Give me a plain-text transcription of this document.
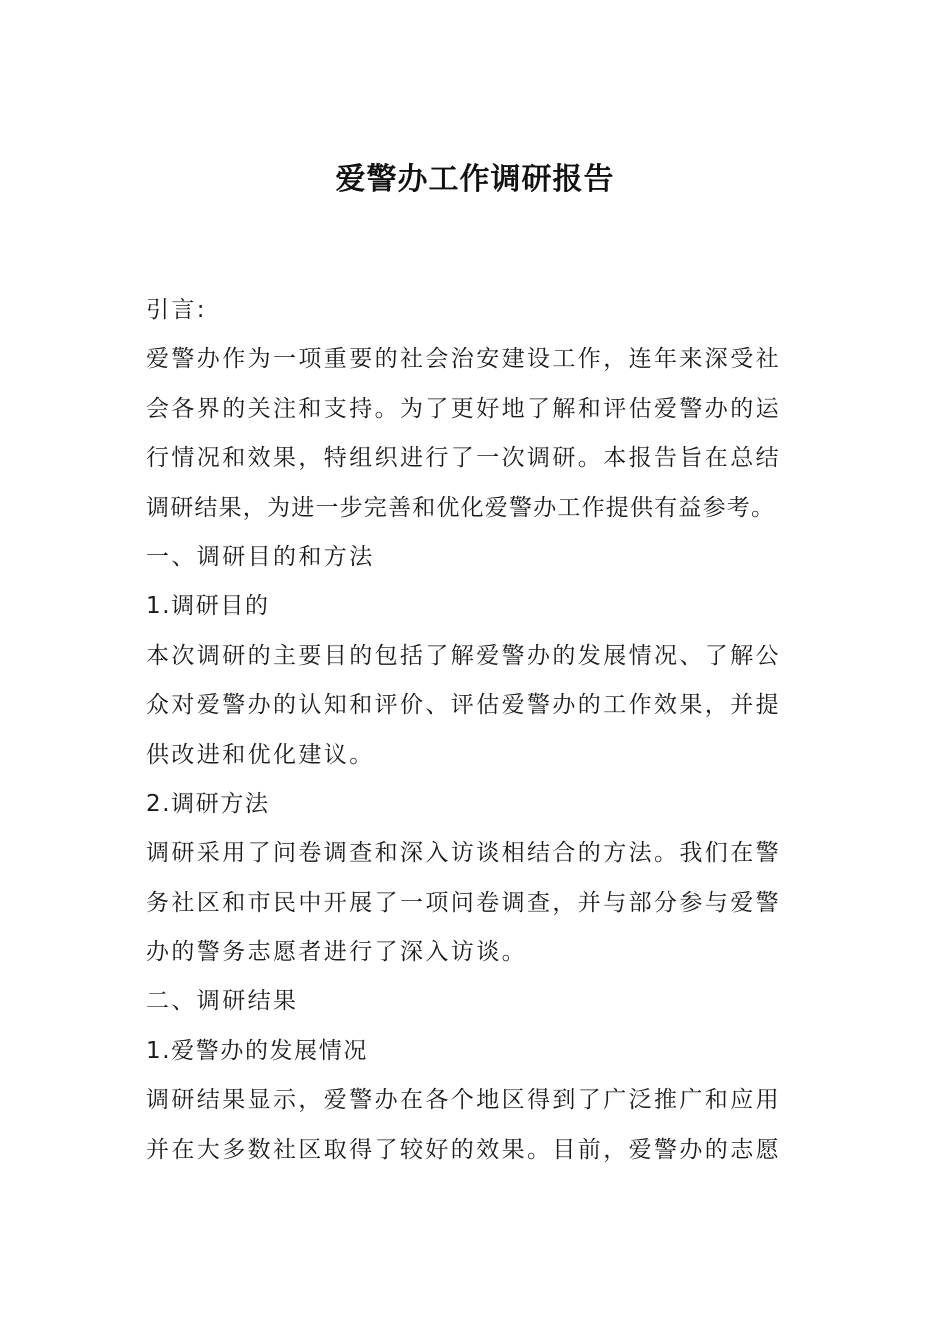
爱警办工作调研报告
引言:
爱警办作为一项重要的社会治安建设工作，连年来深受社
会各界的关注和支持。为了更好地了解和评估爱警办的运
行情况和效果，特组织进行了一次调研。本报告旨在总结
调研结果，为进一步完善和优化爱警办工作提供有益参考。
一、调研目的和方法
1.调研目的
本次调研的主要目的包括了解爱警办的发展情况、了解公
众对爱警办的认知和评价、评估爱警办的工作效果，并提
供改进和优化建议。
2.调研方法
调研采用了问卷调查和深入访谈相结合的方法。我们在警
务社区和市民中开展了一项问卷调查，并与部分参与爱警
办的警务志愿者进行了深入访谈。
二、调研结果
1.爱警办的发展情况
调研结果显示，爱警办在各个地区得到了广泛推广和应用
并在大多数社区取得了较好的效果。目前，爱警办的志愿
